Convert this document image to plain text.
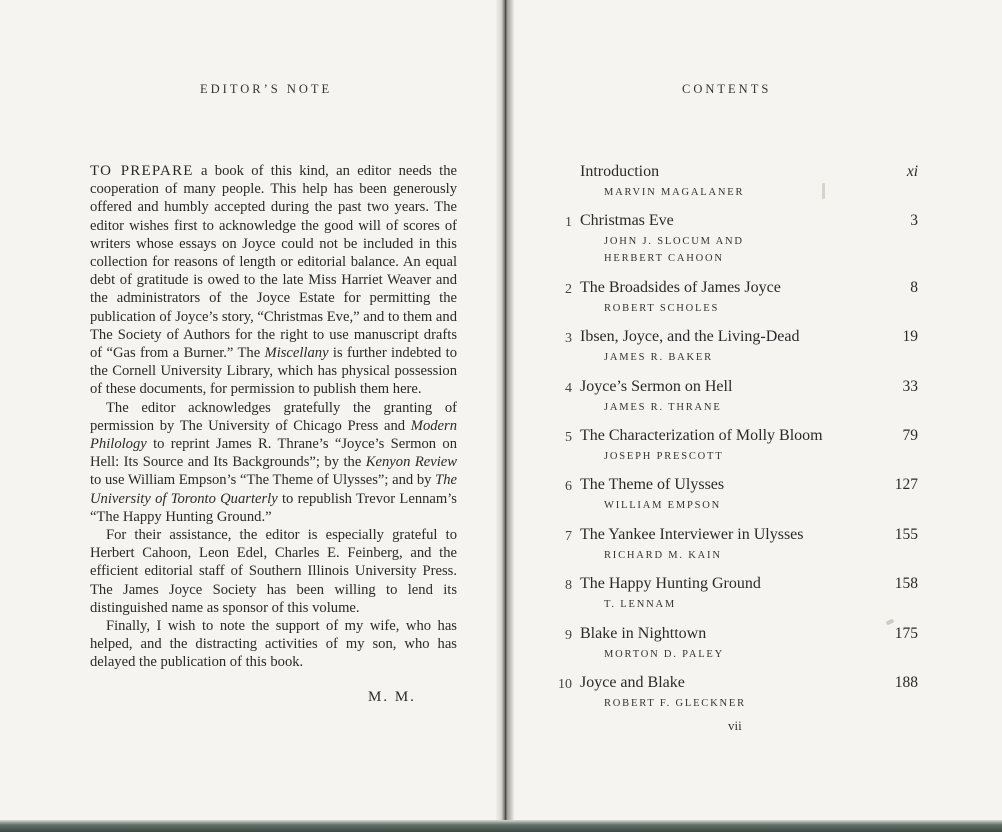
EDITOR’S NOTE

TO PREPARE a book of this kind, an editor needs the cooperation of many people. This help has been generously offered and humbly accepted during the past two years. The editor wishes first to acknowledge the good will of scores of writers whose essays on Joyce could not be included in this collection for reasons of length or editorial balance. An equal debt of gratitude is owed to the late Miss Harriet Weaver and the administrators of the Joyce Estate for permitting the publication of Joyce’s story, “Christmas Eve,” and to them and The Society of Authors for the right to use manuscript drafts of “Gas from a Burner.” The Miscellany is further indebted to the Cornell University Library, which has physical possession of these documents, for permission to publish them here.

The editor acknowledges gratefully the granting of permission by The University of Chicago Press and Modern Philology to reprint James R. Thrane’s “Joyce’s Sermon on Hell: Its Source and Its Backgrounds”; by the Kenyon Review to use William Empson’s “The Theme of Ulysses”; and by The University of Toronto Quarterly to republish Trevor Lennam’s “The Happy Hunting Ground.”

For their assistance, the editor is especially grateful to Herbert Cahoon, Leon Edel, Charles E. Feinberg, and the efficient editorial staff of Southern Illinois University Press. The James Joyce Society has been willing to lend its distinguished name as sponsor of this volume.

Finally, I wish to note the support of my wife, who has helped, and the distracting activities of my son, who has delayed the publication of this book.

M. M.
CONTENTS
Introduction
MARVIN MAGALANER
xi
1 Christmas Eve
JOHN J. SLOCUM AND
HERBERT CAHOON
3
2 The Broadsides of James Joyce
ROBERT SCHOLES
8
3 Ibsen, Joyce, and the Living-Dead
JAMES R. BAKER
19
4 Joyce’s Sermon on Hell
JAMES R. THRANE
33
5 The Characterization of Molly Bloom
JOSEPH PRESCOTT
79
6 The Theme of Ulysses
WILLIAM EMPSON
127
7 The Yankee Interviewer in Ulysses
RICHARD M. KAIN
155
8 The Happy Hunting Ground
T. LENNAM
158
9 Blake in Nighttown
MORTON D. PALEY
175
10 Joyce and Blake
ROBERT F. GLECKNER
188
vii
